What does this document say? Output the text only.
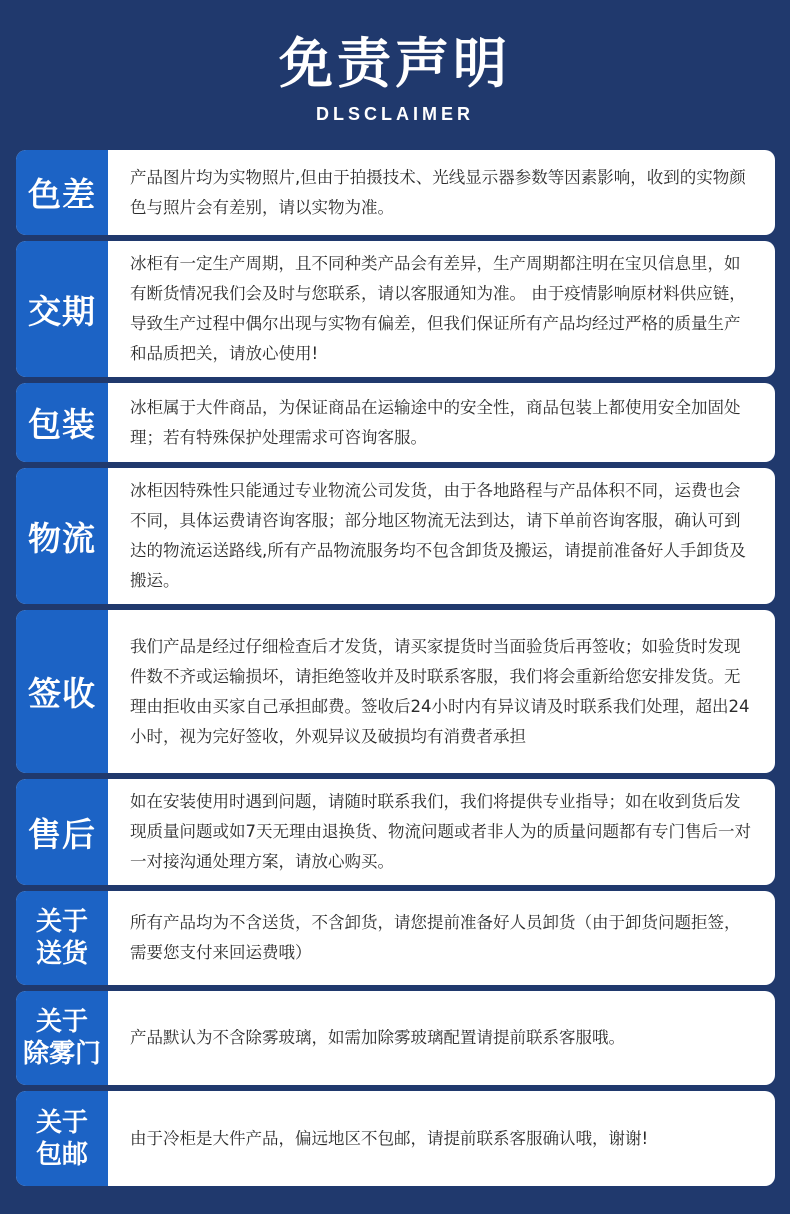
免责声明
DLSCLAIMER
色差	产品图片均为实物照片,但由于拍摄技术、光线显示器参数等因素影响，收到的实物颜色与照片会有差别，请以实物为准。
交期
冰柜有一定生产周期，且不同种类产品会有差异，生产周期都注明在宝贝信息里，如有断货情况我们会及时与您联系，请以客服通知为准。 由于疫情影响原材料供应链，导致生产过程中偶尔出现与实物有偏差，但我们保证所有产品均经过严格的质量生产和品质把关，请放心使用!
包装	冰柜属于大件商品，为保证商品在运输途中的安全性，商品包装上都使用安全加固处理；若有特殊保护处理需求可咨询客服。
物流
冰柜因特殊性只能通过专业物流公司发货，由于各地路程与产品体积不同，运费也会不同，具体运费请咨询客服；部分地区物流无法到达，请下单前咨询客服，确认可到达的物流运送路线,所有产品物流服务均不包含卸货及搬运，请提前准备好人手卸货及搬运。
签收
我们产品是经过仔细检查后才发货，请买家提货时当面验货后再签收；如验货时发现件数不齐或运输损坏，请拒绝签收并及时联系客服，我们将会重新给您安排发货。无理由拒收由买家自己承担邮费。签收后24小时内有异议请及时联系我们处理，超出24小时，视为完好签收，外观异议及破损均有消费者承担
售后
如在安装使用时遇到问题，请随时联系我们，我们将提供专业指导；如在收到货后发现质量问题或如7天无理由退换货、物流问题或者非人为的质量问题都有专门售后一对一对接沟通处理方案，请放心购买。
关于
送货
所有产品均为不含送货，不含卸货，请您提前准备好人员卸货（由于卸货问题拒签，需要您支付来回运费哦）
关于
除雾门
产品默认为不含除雾玻璃，如需加除雾玻璃配置请提前联系客服哦。
关于
包邮
由于冷柜是大件产品，偏远地区不包邮，请提前联系客服确认哦，谢谢!
